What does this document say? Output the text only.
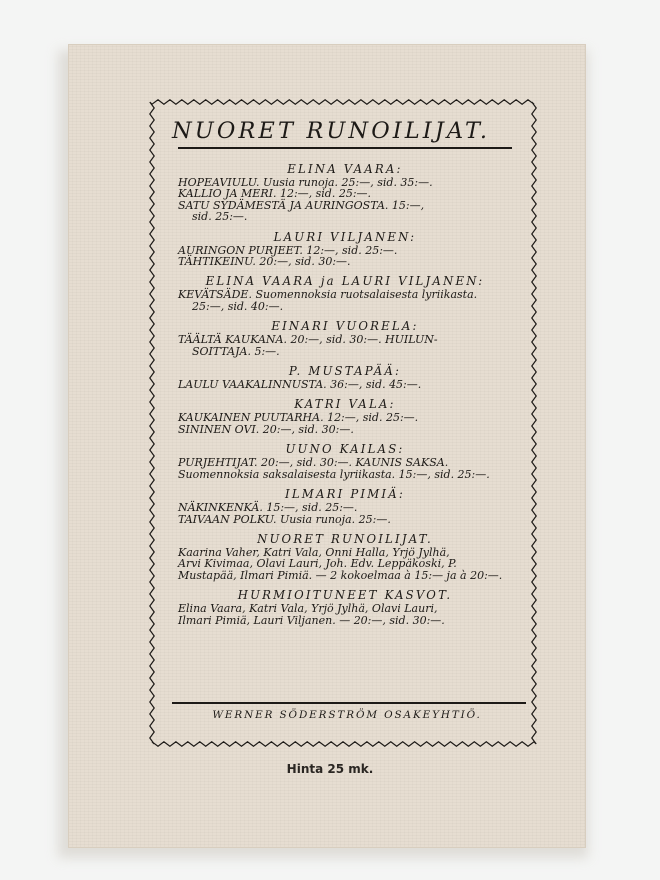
NUORET RUNOILIJAT.
ELINA VAARA:
HOPEAVIULU. Uusia runoja. 25:—, sid. 35:—.
KALLIO JA MERI. 12:—, sid. 25:—.
SATU SYDÄMESTÄ JA AURINGOSTA. 15:—,
sid. 25:—.
LAURI VILJANEN:
AURINGON PURJEET. 12:—, sid. 25:—.
TÄHTIKEINU. 20:—, sid. 30:—.
ELINA VAARA ja LAURI VILJANEN:
KEVÄTSÄDE. Suomennoksia ruotsalaisesta lyriikasta.
25:—, sid. 40:—.
EINARI VUORELA:
TÄÄLTÄ KAUKANA. 20:—, sid. 30:—. HUILUN-
SOITTAJA. 5:—.
P. MUSTAPÄÄ:
LAULU VAAKALINNUSTA. 36:—, sid. 45:—.
KATRI VALA:
KAUKAINEN PUUTARHA. 12:—, sid. 25:—.
SININEN OVI. 20:—, sid. 30:—.
UUNO KAILAS:
PURJEHTIJAT. 20:—, sid. 30:—. KAUNIS SAKSA.
Suomennoksia saksalaisesta lyriikasta. 15:—, sid. 25:—.
ILMARI PIMIÄ:
NÄKINKENKÄ. 15:—, sid. 25:—.
TAIVAAN POLKU. Uusia runoja. 25:—.
NUORET RUNOILIJAT.
Kaarina Vaher, Katri Vala, Onni Halla, Yrjö Jylhä,
Arvi Kivimaa, Olavi Lauri, Joh. Edv. Leppäkoski, P.
Mustapää, Ilmari Pimiä. — 2 kokoelmaa à 15:— ja à 20:—.
HURMIOITUNEET KASVOT.
Elina Vaara, Katri Vala, Yrjö Jylhä, Olavi Lauri,
Ilmari Pimiä, Lauri Viljanen. — 20:—, sid. 30:—.
WERNER SÖDERSTRÖM OSAKEYHTIÖ.
Hinta 25 mk.
